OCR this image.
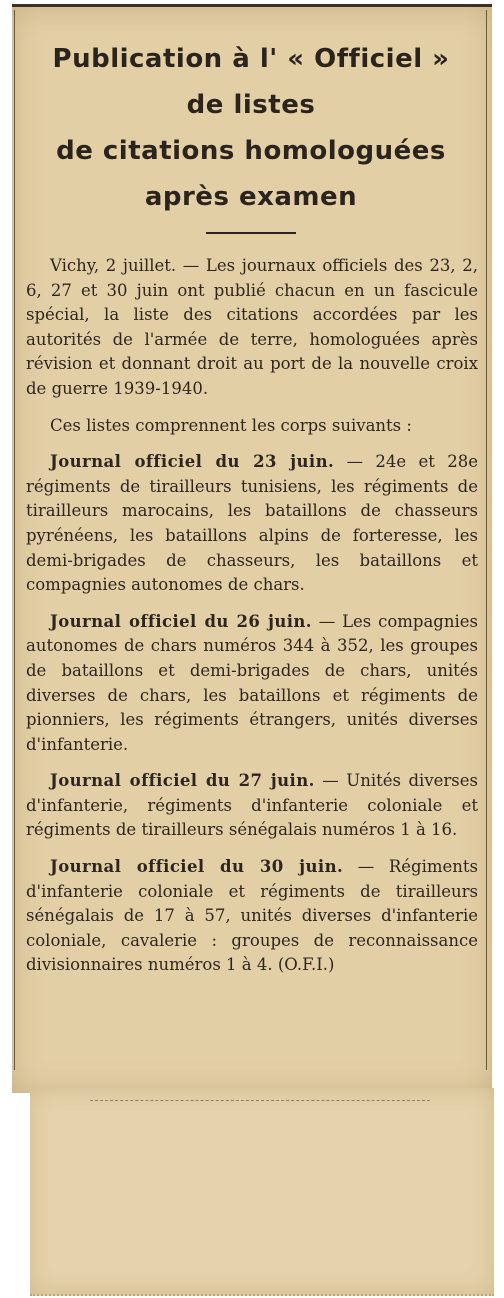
Publication à l' « Officiel »
de listes
de citations homologuées
après examen

Vichy, 2 juillet. — Les journaux officiels des 23, 2, 6, 27 et 30 juin ont publié chacun en un fascicule spécial, la liste des citations accordées par les autorités de l'armée de terre, homologuées après révision et donnant droit au port de la nouvelle croix de guerre 1939-1940.

Ces listes comprennent les corps suivants :

Journal officiel du 23 juin. — 24e et 28e régiments de tirailleurs tunisiens, les régiments de tirailleurs marocains, les bataillons de chasseurs pyrénéens, les bataillons alpins de forteresse, les demi-brigades de chasseurs, les bataillons et compagnies autonomes de chars.

Journal officiel du 26 juin. — Les compagnies autonomes de chars numéros 344 à 352, les groupes de bataillons et demi-brigades de chars, unités diverses de chars, les bataillons et régiments de pionniers, les régiments étrangers, unités diverses d'infanterie.

Journal officiel du 27 juin. — Unités diverses d'infanterie, régiments d'infanterie coloniale et régiments de tirailleurs sénégalais numéros 1 à 16.

Journal officiel du 30 juin. — Régiments d'infanterie coloniale et régiments de tirailleurs sénégalais de 17 à 57, unités diverses d'infanterie coloniale, cavalerie : groupes de reconnaissance divisionnaires numéros 1 à 4. (O.F.I.)
